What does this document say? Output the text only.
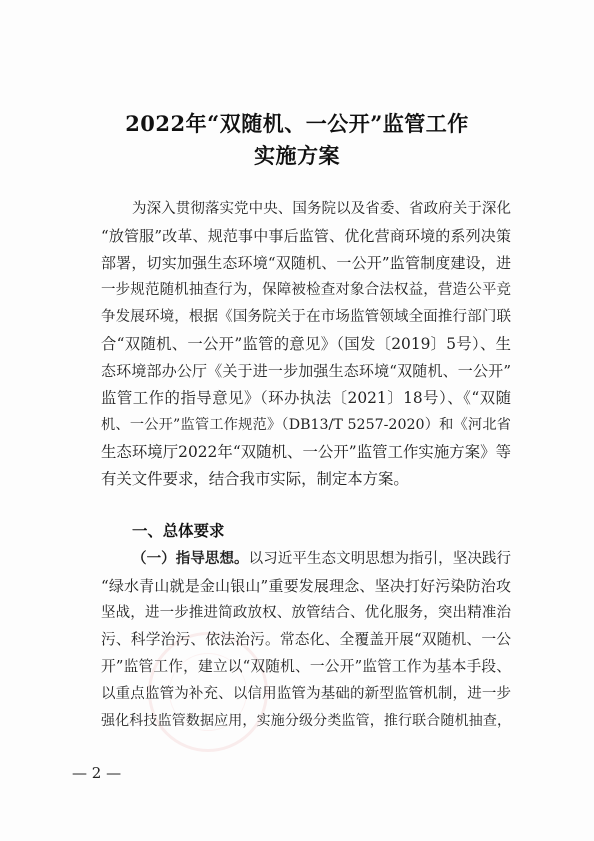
2022年“双随机、一公开”监管工作
实施方案
为深入贯彻落实党中央、国务院以及省委、省政府关于深化
“放管服”改革、规范事中事后监管、优化营商环境的系列决策
部署，切实加强生态环境“双随机、一公开”监管制度建设，进
一步规范随机抽查行为，保障被检查对象合法权益，营造公平竞
争发展环境，根据《国务院关于在市场监管领域全面推行部门联
合“双随机、一公开”监管的意见》（国发〔2019〕5号）、生
态环境部办公厅《关于进一步加强生态环境“双随机、一公开”
监管工作的指导意见》（环办执法〔2021〕18号）、《“双随
机、一公开”监管工作规范》（DB13/T 5257-2020）和《河北省
生态环境厅2022年“双随机、一公开”监管工作实施方案》等
有关文件要求，结合我市实际，制定本方案。
一、总体要求
（一）指导思想。以习近平生态文明思想为指引，坚决践行
“绿水青山就是金山银山”重要发展理念、坚决打好污染防治攻
坚战，进一步推进简政放权、放管结合、优化服务，突出精准治
污、科学治污、依法治污。常态化、全覆盖开展“双随机、一公
开”监管工作，建立以“双随机、一公开”监管工作为基本手段、
以重点监管为补充、以信用监管为基础的新型监管机制，进一步
强化科技监管数据应用，实施分级分类监管，推行联合随机抽查，
— 2 —
